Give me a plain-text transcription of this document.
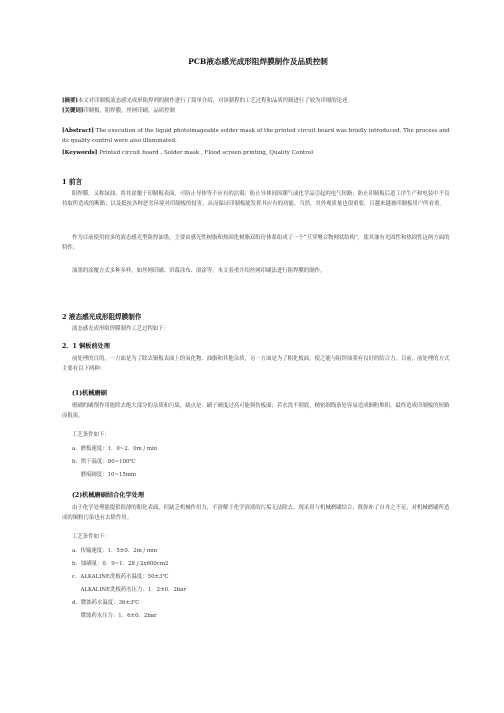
PCB液态感光成形阻焊膜制作及品质控制
[摘要]本文对印制板液态感光成形阻焊剂的制作进行了简单介绍，对该制程的工艺过程和品质控制进行了较为详细的论述。
[关键词]印制板，阻焊膜，丝网印刷，品质控制
[Abstract] The execution of the liquid photoimageable solder mask of the printed circuit board was briefly introduced. The process and its quality control were also illuminated.
[Keywords] Printed circuit board , Solder mask , Flood screen printing, Quality Control
1 前言
阻焊膜，又称绿油，将其涂覆于印制板表面，可防止导体等不应有的沾锡；防止导体间因潮气或化学品引起的电气短路；防止印制板后道工序生产和电装中不良持取所造成的断路；以及抵抗各种恶劣环境对印制板的侵害，从而保证印制板能发挥其应有的功能。当然，其外观质量也很重要，且越来越被印制板用户所看重。
作为目前使用较多的液态感光型阻焊油墨，主要由感光性树脂和热固化树脂双组份体系组成了一个“互穿聚合物网状结构”，使其兼有光固性和热固性这两方面的特性。
油墨的涂覆方式多种多样，如丝网印刷、帘幕涂布、滚涂等。本文着重介绍丝网印刷法进行阻焊膜的制作。
2 液态感光成形阻焊膜制作
液态感光成形阻焊膜制作工艺过程如下：
2．1 铜板前处理
前处理的目的，一方面是为了除去铜板表面上的氧化物、油脂和其他杂质，另一方面是为了粗化板面，使之能与阻焊油墨有良好的结合力。目前，前处理的方式主要有以下两种：
(1)机械磨刷
磨刷的刷削作用能除去绝大部分的杂质和污染，缺点是：刷子硬度过高可能损伤板面；若水洗不彻底，精密细线条处容易造成铜粉堆积，最终造成印制板的短路而报废。
工艺条件如下：
a．磨板速度：1．0~2．0m / min
b．烘干温度：80~100℃
磨痕阔度：10~15mm
(2)机械磨刷结合化学处理
由于化学处理能提供很薄的粗化表面，但缺乏机械作用力，不溶解于化学溶液的污垢无法除去。现采用与机械磨刷结合，既弥补了自身之不足，对机械磨刷所造成的铜粉污染也有去除作用。
工艺条件如下：
a．传输速度：1．5±0．2m / min
b．蚀刷量：0．9~1．28 / 2x600cm2
c．ALKALINE洗板药水温度：50±3℃
ALKALINE洗板药水压力：1．2±0．2bar
d．微蚀药水温度：36±3℃
微蚀药水压力：1．6±0．2bar
